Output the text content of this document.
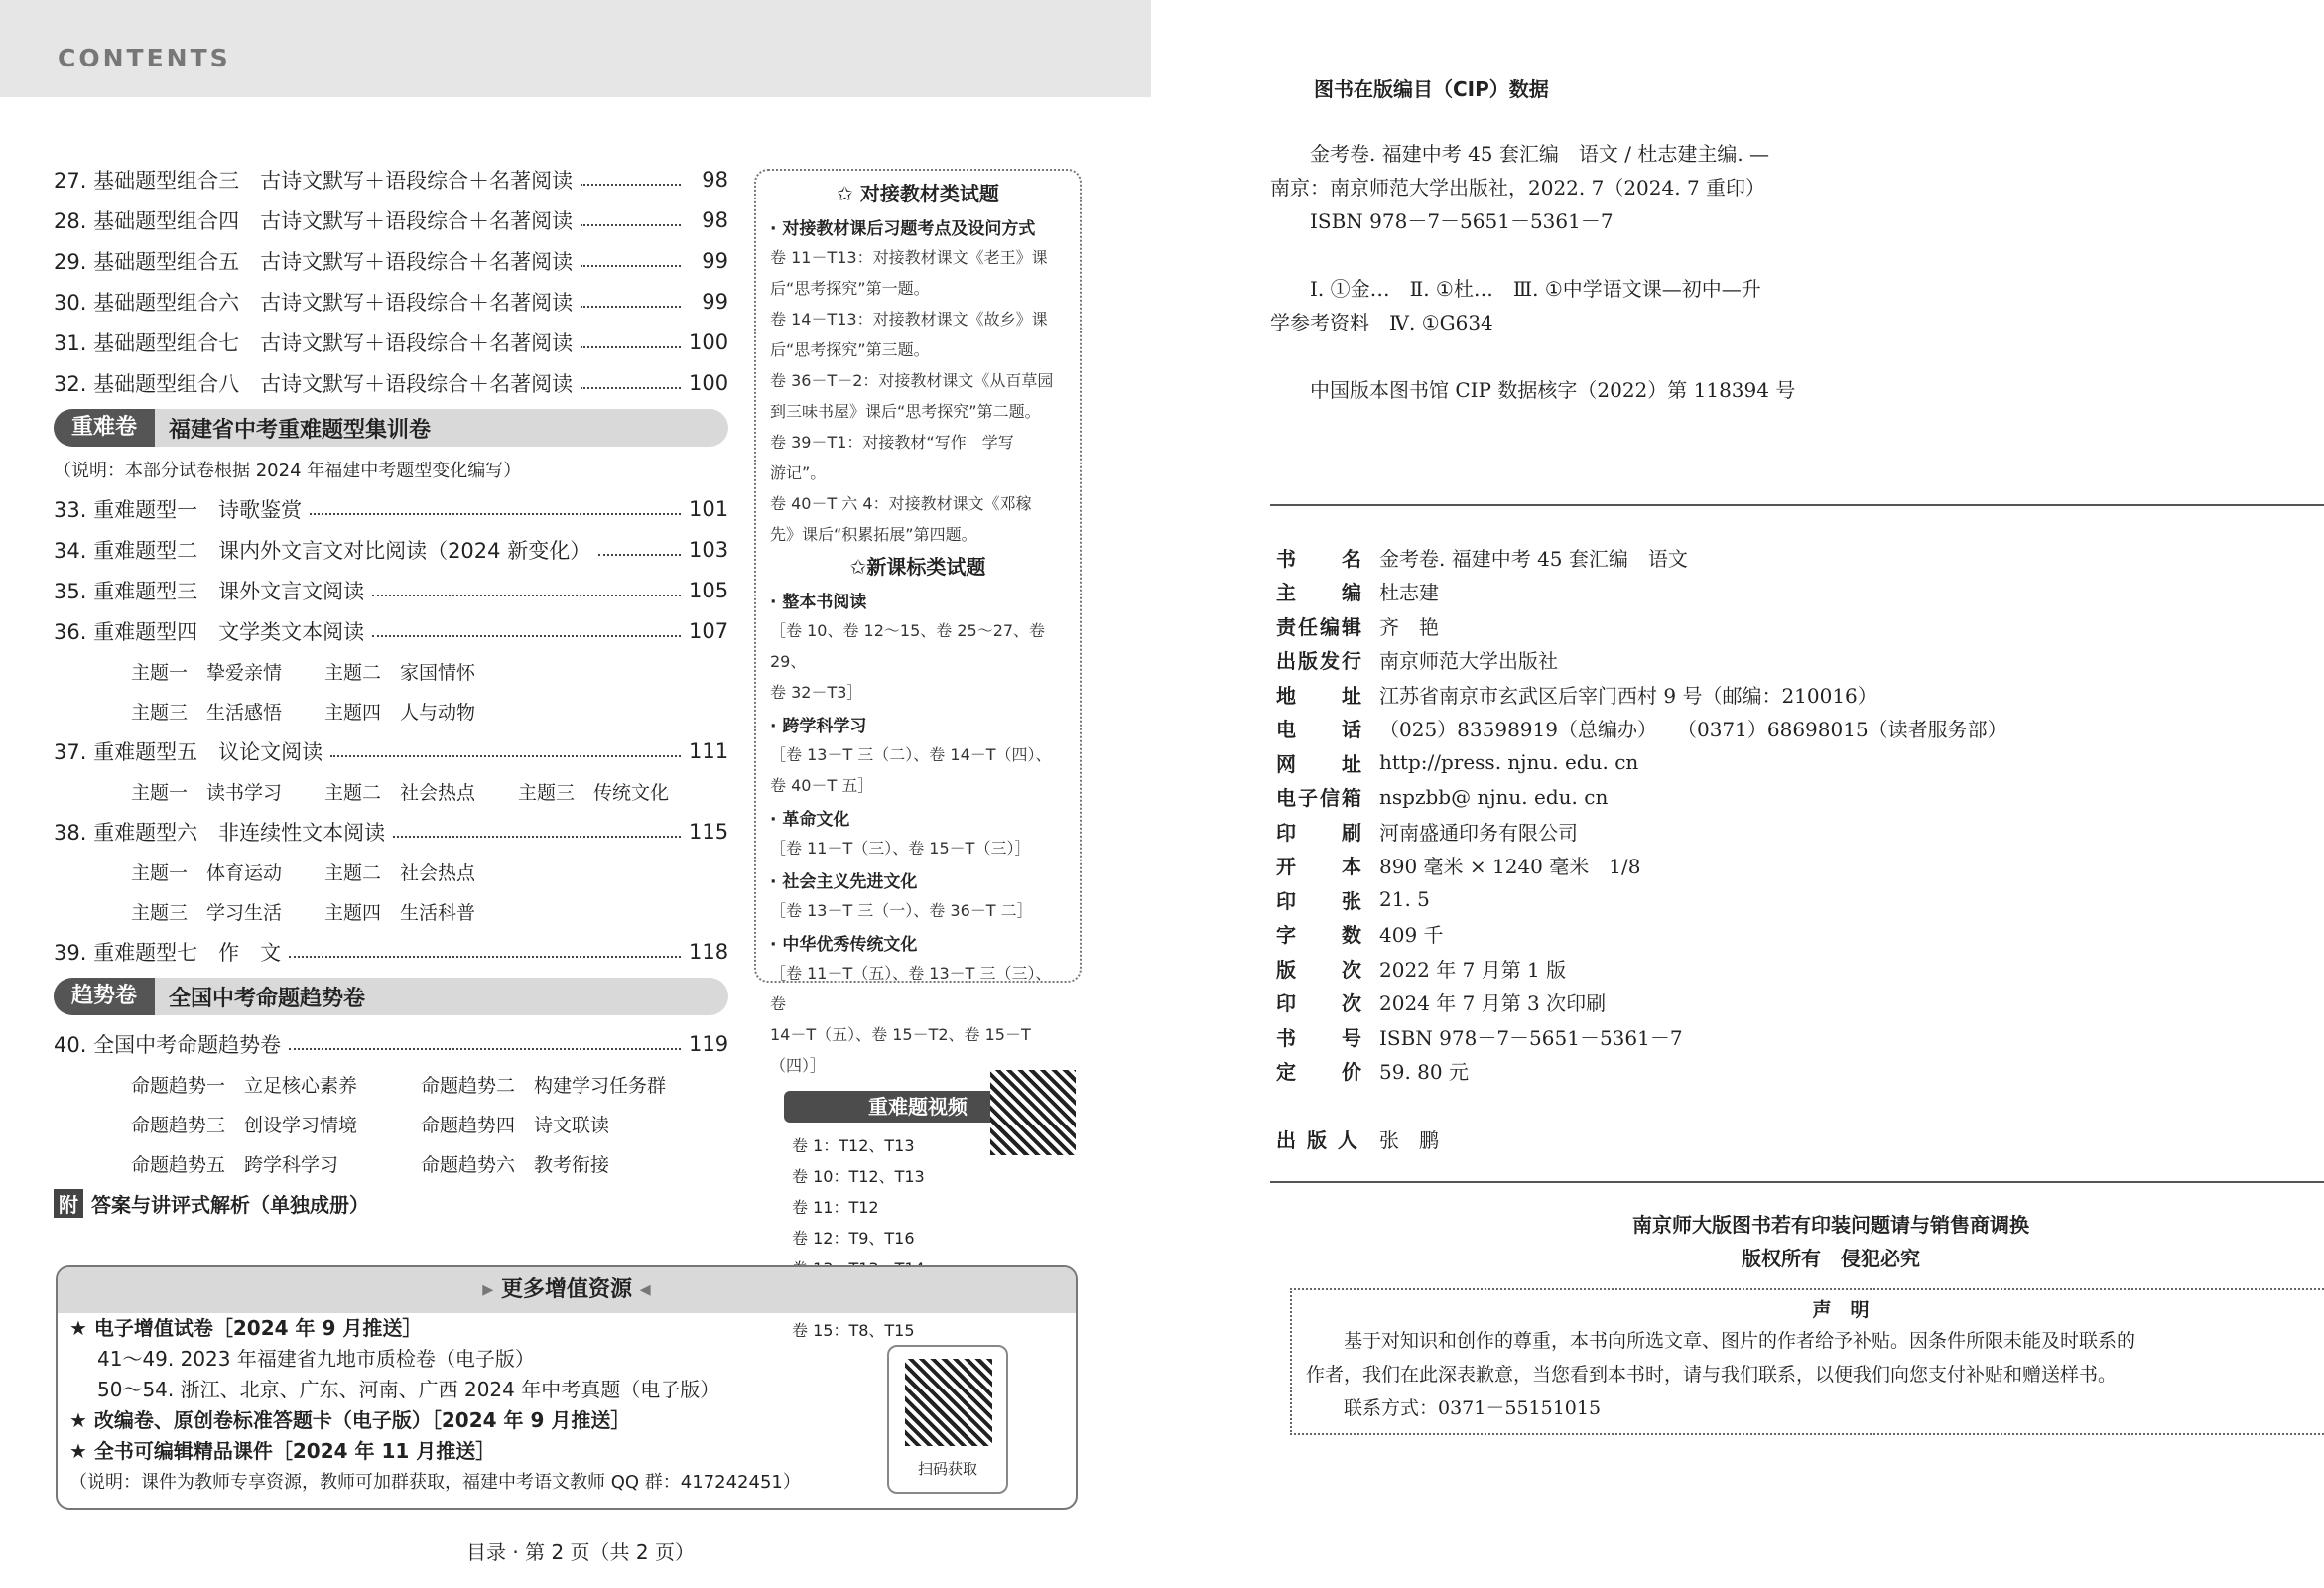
CONTENTS
27. 基础题型组合三　古诗文默写＋语段综合＋名著阅读	98
28. 基础题型组合四　古诗文默写＋语段综合＋名著阅读	98
29. 基础题型组合五　古诗文默写＋语段综合＋名著阅读	99
30. 基础题型组合六　古诗文默写＋语段综合＋名著阅读	99
31. 基础题型组合七　古诗文默写＋语段综合＋名著阅读	100
32. 基础题型组合八　古诗文默写＋语段综合＋名著阅读	100
重难卷	福建省中考重难题型集训卷
（说明：本部分试卷根据 2024 年福建中考题型变化编写）
33. 重难题型一　诗歌鉴赏	101
34. 重难题型二　课内外文言文对比阅读（2024 新变化）	103
35. 重难题型三　课外文言文阅读	105
36. 重难题型四　文学类文本阅读	107
主题一　挚爱亲情	主题二　家国情怀
主题三　生活感悟	主题四　人与动物
37. 重难题型五　议论文阅读	111
主题一　读书学习	主题二　社会热点	主题三　传统文化
38. 重难题型六　非连续性文本阅读	115
主题一　体育运动	主题二　社会热点
主题三　学习生活	主题四　生活科普
39. 重难题型七　作　文	118
趋势卷	全国中考命题趋势卷
40. 全国中考命题趋势卷	119
命题趋势一　立足核心素养	命题趋势二　构建学习任务群
命题趋势三　创设学习情境	命题趋势四　诗文联读
命题趋势五　跨学科学习	命题趋势六　教考衔接
附 答案与讲评式解析（单独成册）
✩ 对接教材类试题
· 对接教材课后习题考点及设问方式
卷 11－T13：对接教材课文《老王》课
后“思考探究”第一题。
卷 14－T13：对接教材课文《故乡》课
后“思考探究”第三题。
卷 36－T－2：对接教材课文《从百草园
到三味书屋》课后“思考探究”第二题。
卷 39－T1：对接教材“写作　学写
游记”。
卷 40－T 六 4：对接教材课文《邓稼
先》课后“积累拓展”第四题。
✩新课标类试题
· 整本书阅读
［卷 10、卷 12～15、卷 25～27、卷 29、
卷 32－T3］
· 跨学科学习
［卷 13－T 三（二）、卷 14－T（四）、
卷 40－T 五］
· 革命文化
［卷 11－T（三）、卷 15－T（三）］
· 社会主义先进文化
［卷 13－T 三（一）、卷 36－T 二］
· 中华优秀传统文化
［卷 11－T（五）、卷 13－T 三（三）、卷
14－T（五）、卷 15－T2、卷 15－T（四）］
重难题视频
卷 1：T12、T13
卷 10：T12、T13
卷 11：T12
卷 12：T9、T16
卷 15：T8、T15
▸ 更多增值资源 ◂
★ 电子增值试卷［2024 年 9 月推送］
41～49. 2023 年福建省九地市质检卷（电子版）
50～54. 浙江、北京、广东、河南、广西 2024 年中考真题（电子版）
★ 改编卷、原创卷标准答题卡（电子版）［2024 年 9 月推送］
★ 全书可编辑精品课件［2024 年 11 月推送］
（说明：课件为教师专享资源，教师可加群获取，福建中考语文教师 QQ 群：417242451）
扫码获取
目录 · 第 2 页（共 2 页）
图书在版编目（CIP）数据
　　金考卷. 福建中考 45 套汇编　语文 / 杜志建主编. —
南京：南京师范大学出版社，2022. 7（2024. 7 重印）
　　ISBN 978－7－5651－5361－7
　　Ⅰ. ①金…　Ⅱ. ①杜…　Ⅲ. ①中学语文课—初中—升
学参考资料　Ⅳ. ①G634
　　中国版本图书馆 CIP 数据核字（2022）第 118394 号
书　　名 金考卷. 福建中考 45 套汇编　语文
主　　编 杜志建
责任编辑 齐　艳
出版发行 南京师范大学出版社
地　　址 江苏省南京市玄武区后宰门西村 9 号（邮编：210016）
电　　话 （025）83598919（总编办）　　（0371）68698015（读者服务部）
网　　址 http://press. njnu. edu. cn
电子信箱 nspzbb@ njnu. edu. cn
印　　刷 河南盛通印务有限公司
开　　本 890 毫米 × 1240 毫米　1/8
印　　张 21. 5
字　　数 409 千
版　　次 2022 年 7 月第 1 版
印　　次 2024 年 7 月第 3 次印刷
书　　号 ISBN 978－7－5651－5361－7
定　　价 59. 80 元
出 版 人	张　鹏
南京师大版图书若有印装问题请与销售商调换
版权所有　侵犯必究
声　明
　　基于对知识和创作的尊重，本书向所选文章、图片的作者给予补贴。因条件所限未能及时联系的
作者，我们在此深表歉意，当您看到本书时，请与我们联系，以便我们向您支付补贴和赠送样书。
　　联系方式：0371－55151015
